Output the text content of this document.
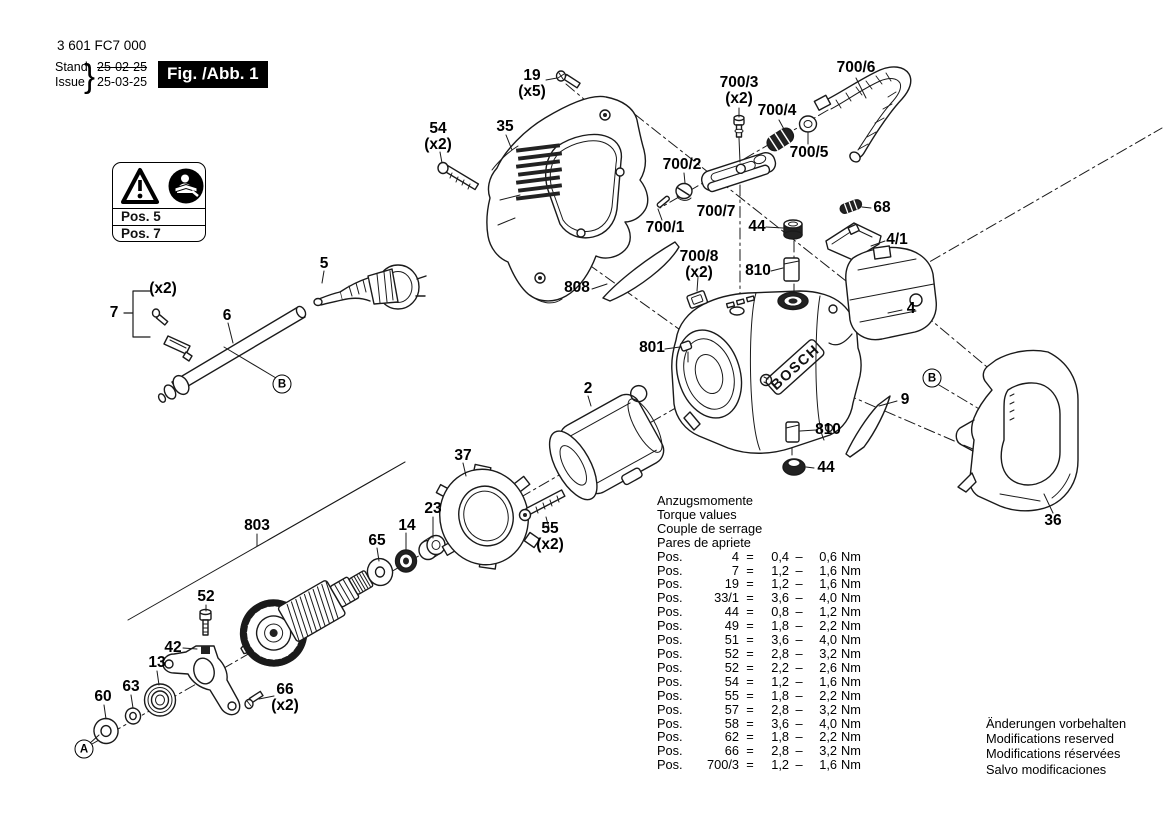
BOSCH
3 601 FC7 000
Stand
Issue } 25-02-25
25-03-25	Fig. /Abb. 1
Pos. 5
Pos. 7
Anzugsmomente
Torque values
Couple de serrage
Pares de apriete
Pos.	4 =	0,4 –	0,6 Nm
Pos.	7 =	1,2 –	1,6 Nm
Pos.	19 =	1,2 –	1,6 Nm
Pos.	33/1 =	3,6 –	4,0 Nm
Pos.	44 =	0,8 –	1,2 Nm
Pos.	49 =	1,8 –	2,2 Nm
Pos.	51 =	3,6 –	4,0 Nm
Pos.	52 =	2,8 –	3,2 Nm
Pos.	52 =	2,2 –	2,6 Nm
Pos.	54 =	1,2 –	1,6 Nm
Pos.	55 =	1,8 –	2,2 Nm
Pos.	57 =	2,8 –	3,2 Nm
Pos.	58 =	3,6 –	4,0 Nm
Pos.	62 =	1,8 –	2,2 Nm
Pos.	66 =	2,8 –	3,2 Nm
Pos.	700/3 =	1,2 –	1,6 Nm
Änderungen vorbehalten
Modifications reserved
Modifications réservées
Salvo modificaciones
19
(x5)
35
54
(x2)
700/3
(x2)
700/4
700/6
700/5
700/2
700/7
700/1
68
44
810
4/1
700/8
(x2)
808
801
4
9
810
44
36
2
37
23
55
(x2)
14
65
803
52
42
13
63
60	66
(x2)
5
6
7
(x2)
A
B	B
